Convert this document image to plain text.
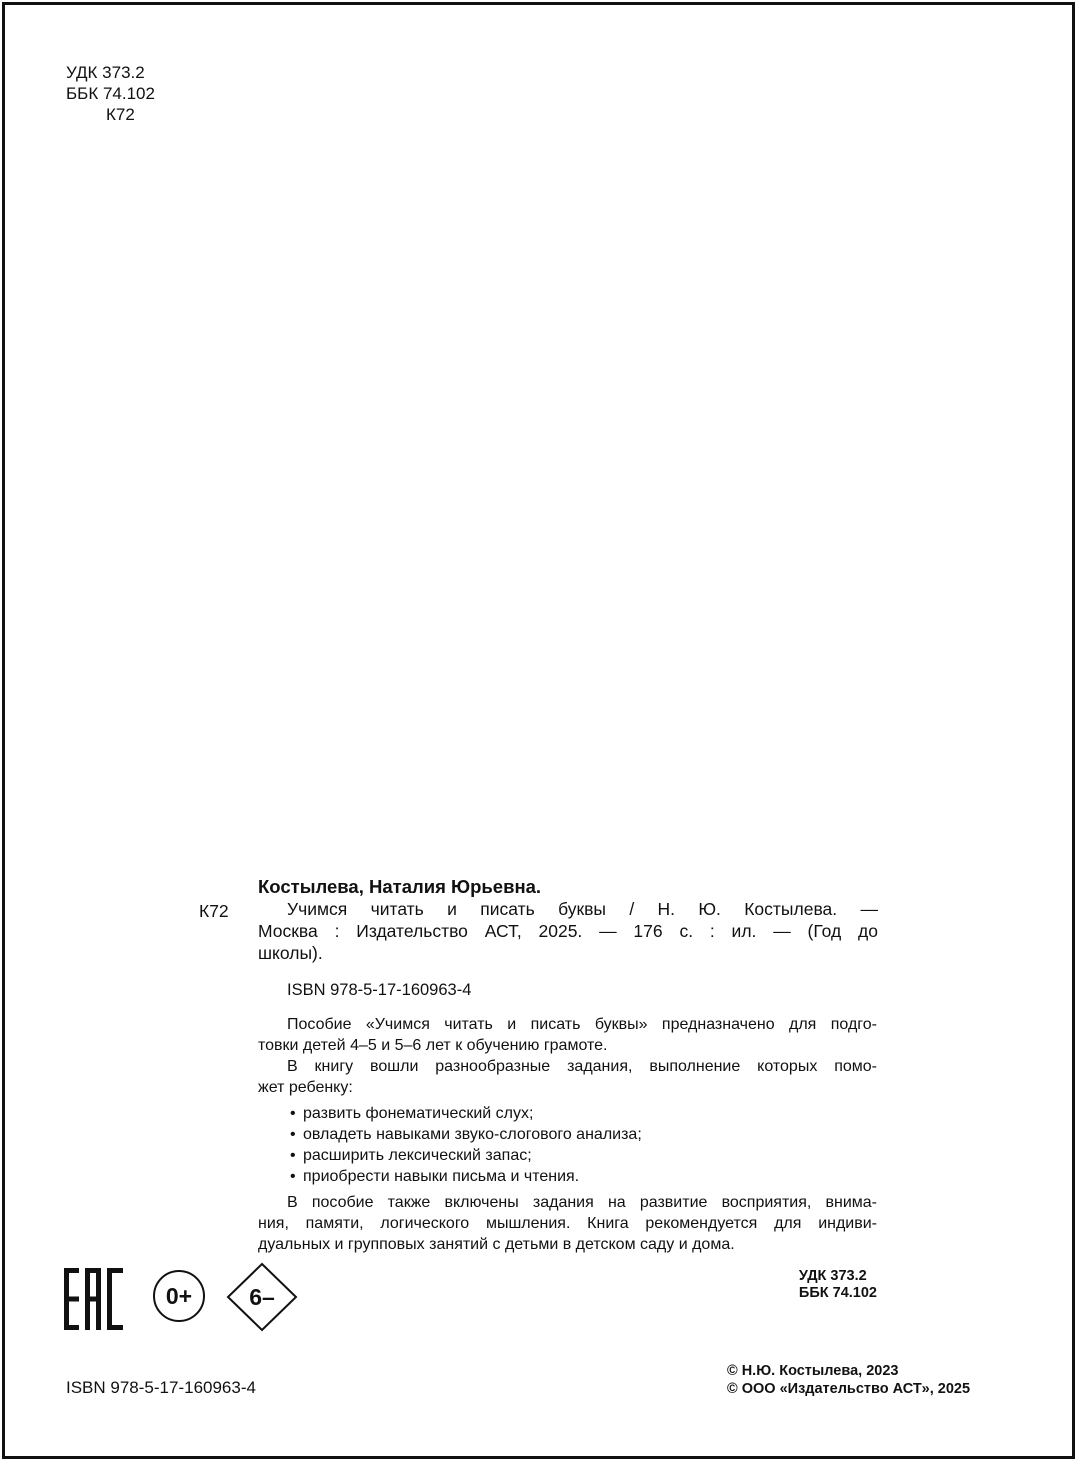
УДК 373.2
ББК 74.102
К72
К72
Костылева, Наталия Юрьевна.
Учимся читать и писать буквы / Н. Ю. Костылева. —
Москва : Издательство АСТ, 2025. — 176 с. : ил. — (Год до
школы).
ISBN 978-5-17-160963-4
Пособие «Учимся читать и писать буквы» предназначено для подго-
товки детей 4–5 и 5–6 лет к обучению грамоте.
В книгу вошли разнообразные задания, выполнение которых помо-
жет ребенку:
• развить фонематический слух;
• овладеть навыками звуко-слогового анализа;
• расширить лексический запас;
• приобрести навыки письма и чтения.
В пособие также включены задания на развитие восприятия, внима-
ния, памяти, логического мышления. Книга рекомендуется для индиви-
дуальных и групповых занятий с детьми в детском саду и дома.
0+ 6–
УДК 373.2
ББК 74.102
ISBN 978-5-17-160963-4
© Н.Ю. Костылева, 2023
© ООО «Издательство АСТ», 2025
